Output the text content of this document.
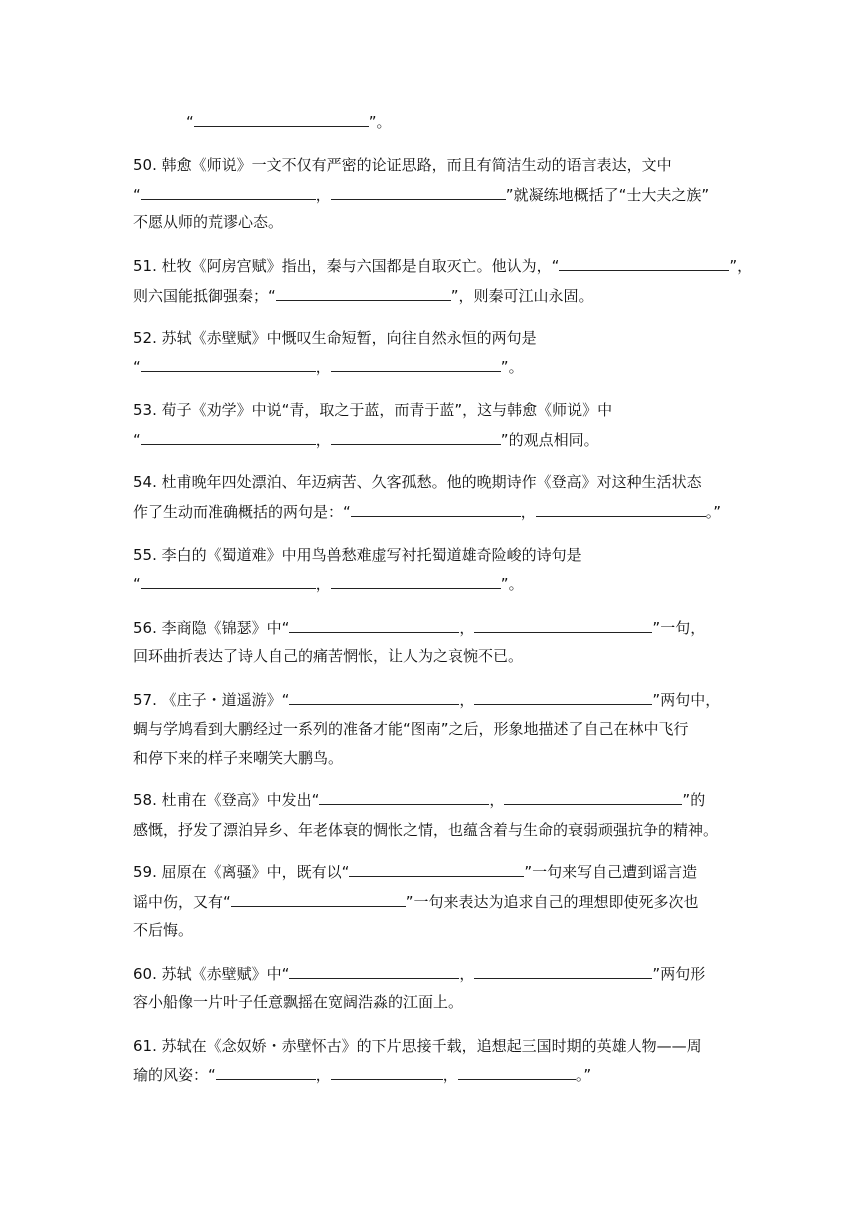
“	”。
50. 韩愈《师说》一文不仅有严密的论证思路，而且有简洁生动的语言表达，文中
“	，	”就凝练地概括了“士大夫之族”
不愿从师的荒谬心态。
51. 杜牧《阿房宫赋》指出，秦与六国都是自取灭亡。他认为，“	”，
则六国能抵御强秦；“	”，则秦可江山永固。
52. 苏轼《赤壁赋》中慨叹生命短暂，向往自然永恒的两句是
“	，	”。
53. 荀子《劝学》中说“青，取之于蓝，而青于蓝”，这与韩愈《师说》中
“	，	”的观点相同。
54. 杜甫晚年四处漂泊、年迈病苦、久客孤愁。他的晚期诗作《登高》对这种生活状态
作了生动而准确概括的两句是：“	，	。”
55. 李白的《蜀道难》中用鸟兽愁难虚写衬托蜀道雄奇险峻的诗句是
“	，	”。
56. 李商隐《锦瑟》中“	，	”一句，
回环曲折表达了诗人自己的痛苦惘怅，让人为之哀惋不已。
57. 《庄子・道遥游》“	，	”两句中，
蜩与学鸠看到大鹏经过一系列的准备才能“图南”之后，形象地描述了自己在林中飞行
和停下来的样子来嘲笑大鹏鸟。
58. 杜甫在《登高》中发出“	，	”的
感慨，抒发了漂泊异乡、年老体衰的惆怅之情，也蕴含着与生命的衰弱顽强抗争的精神。
59. 屈原在《离骚》中，既有以“	”一句来写自己遭到谣言造
谣中伤，又有“	”一句来表达为追求自己的理想即使死多次也
不后悔。
60. 苏轼《赤壁赋》中“	，	”两句形
容小船像一片叶子任意飘摇在宽阔浩淼的江面上。
61. 苏轼在《念奴娇・赤壁怀古》的下片思接千载，追想起三国时期的英雄人物——周
瑜的风姿：“	，	，	。”
